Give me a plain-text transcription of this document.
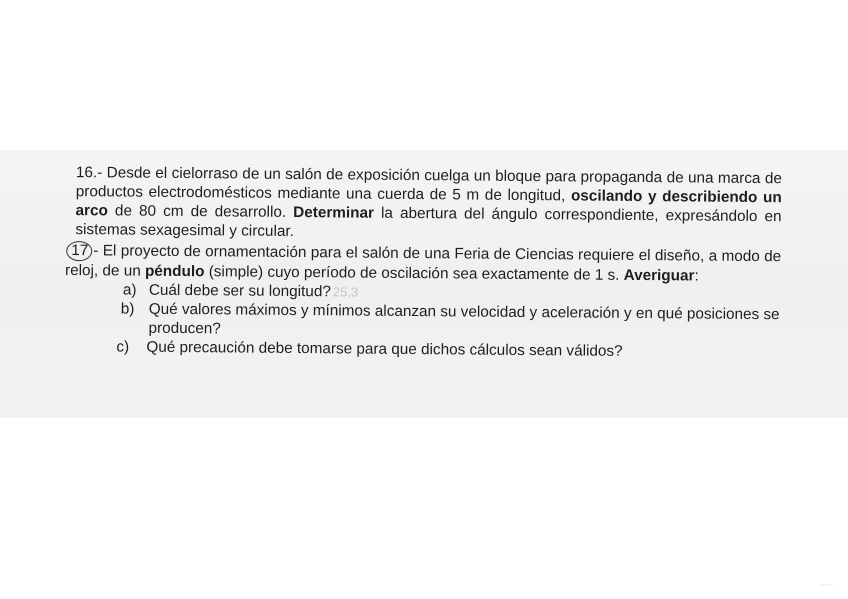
16.- Desde el cielorraso de un salón de exposición cuelga un bloque para propaganda de una marca de productos electrodomésticos mediante una cuerda de 5 m de longitud, oscilando y describiendo un arco de 80 cm de desarrollo. Determinar la abertura del ángulo correspondiente, expresándolo en sistemas sexagesimal y circular.

17 - El proyecto de ornamentación para el salón de una Feria de Ciencias requiere el diseño, a modo de reloj, de un péndulo (simple) cuyo período de oscilación sea exactamente de 1 s. Averiguar:

a) Cuál debe ser su longitud? 25,3
b) Qué valores máximos y mínimos alcanzan su velocidad y aceleración y en qué posiciones se producen?
c) Qué precaución debe tomarse para que dichos cálculos sean válidos?
⋯⋯
